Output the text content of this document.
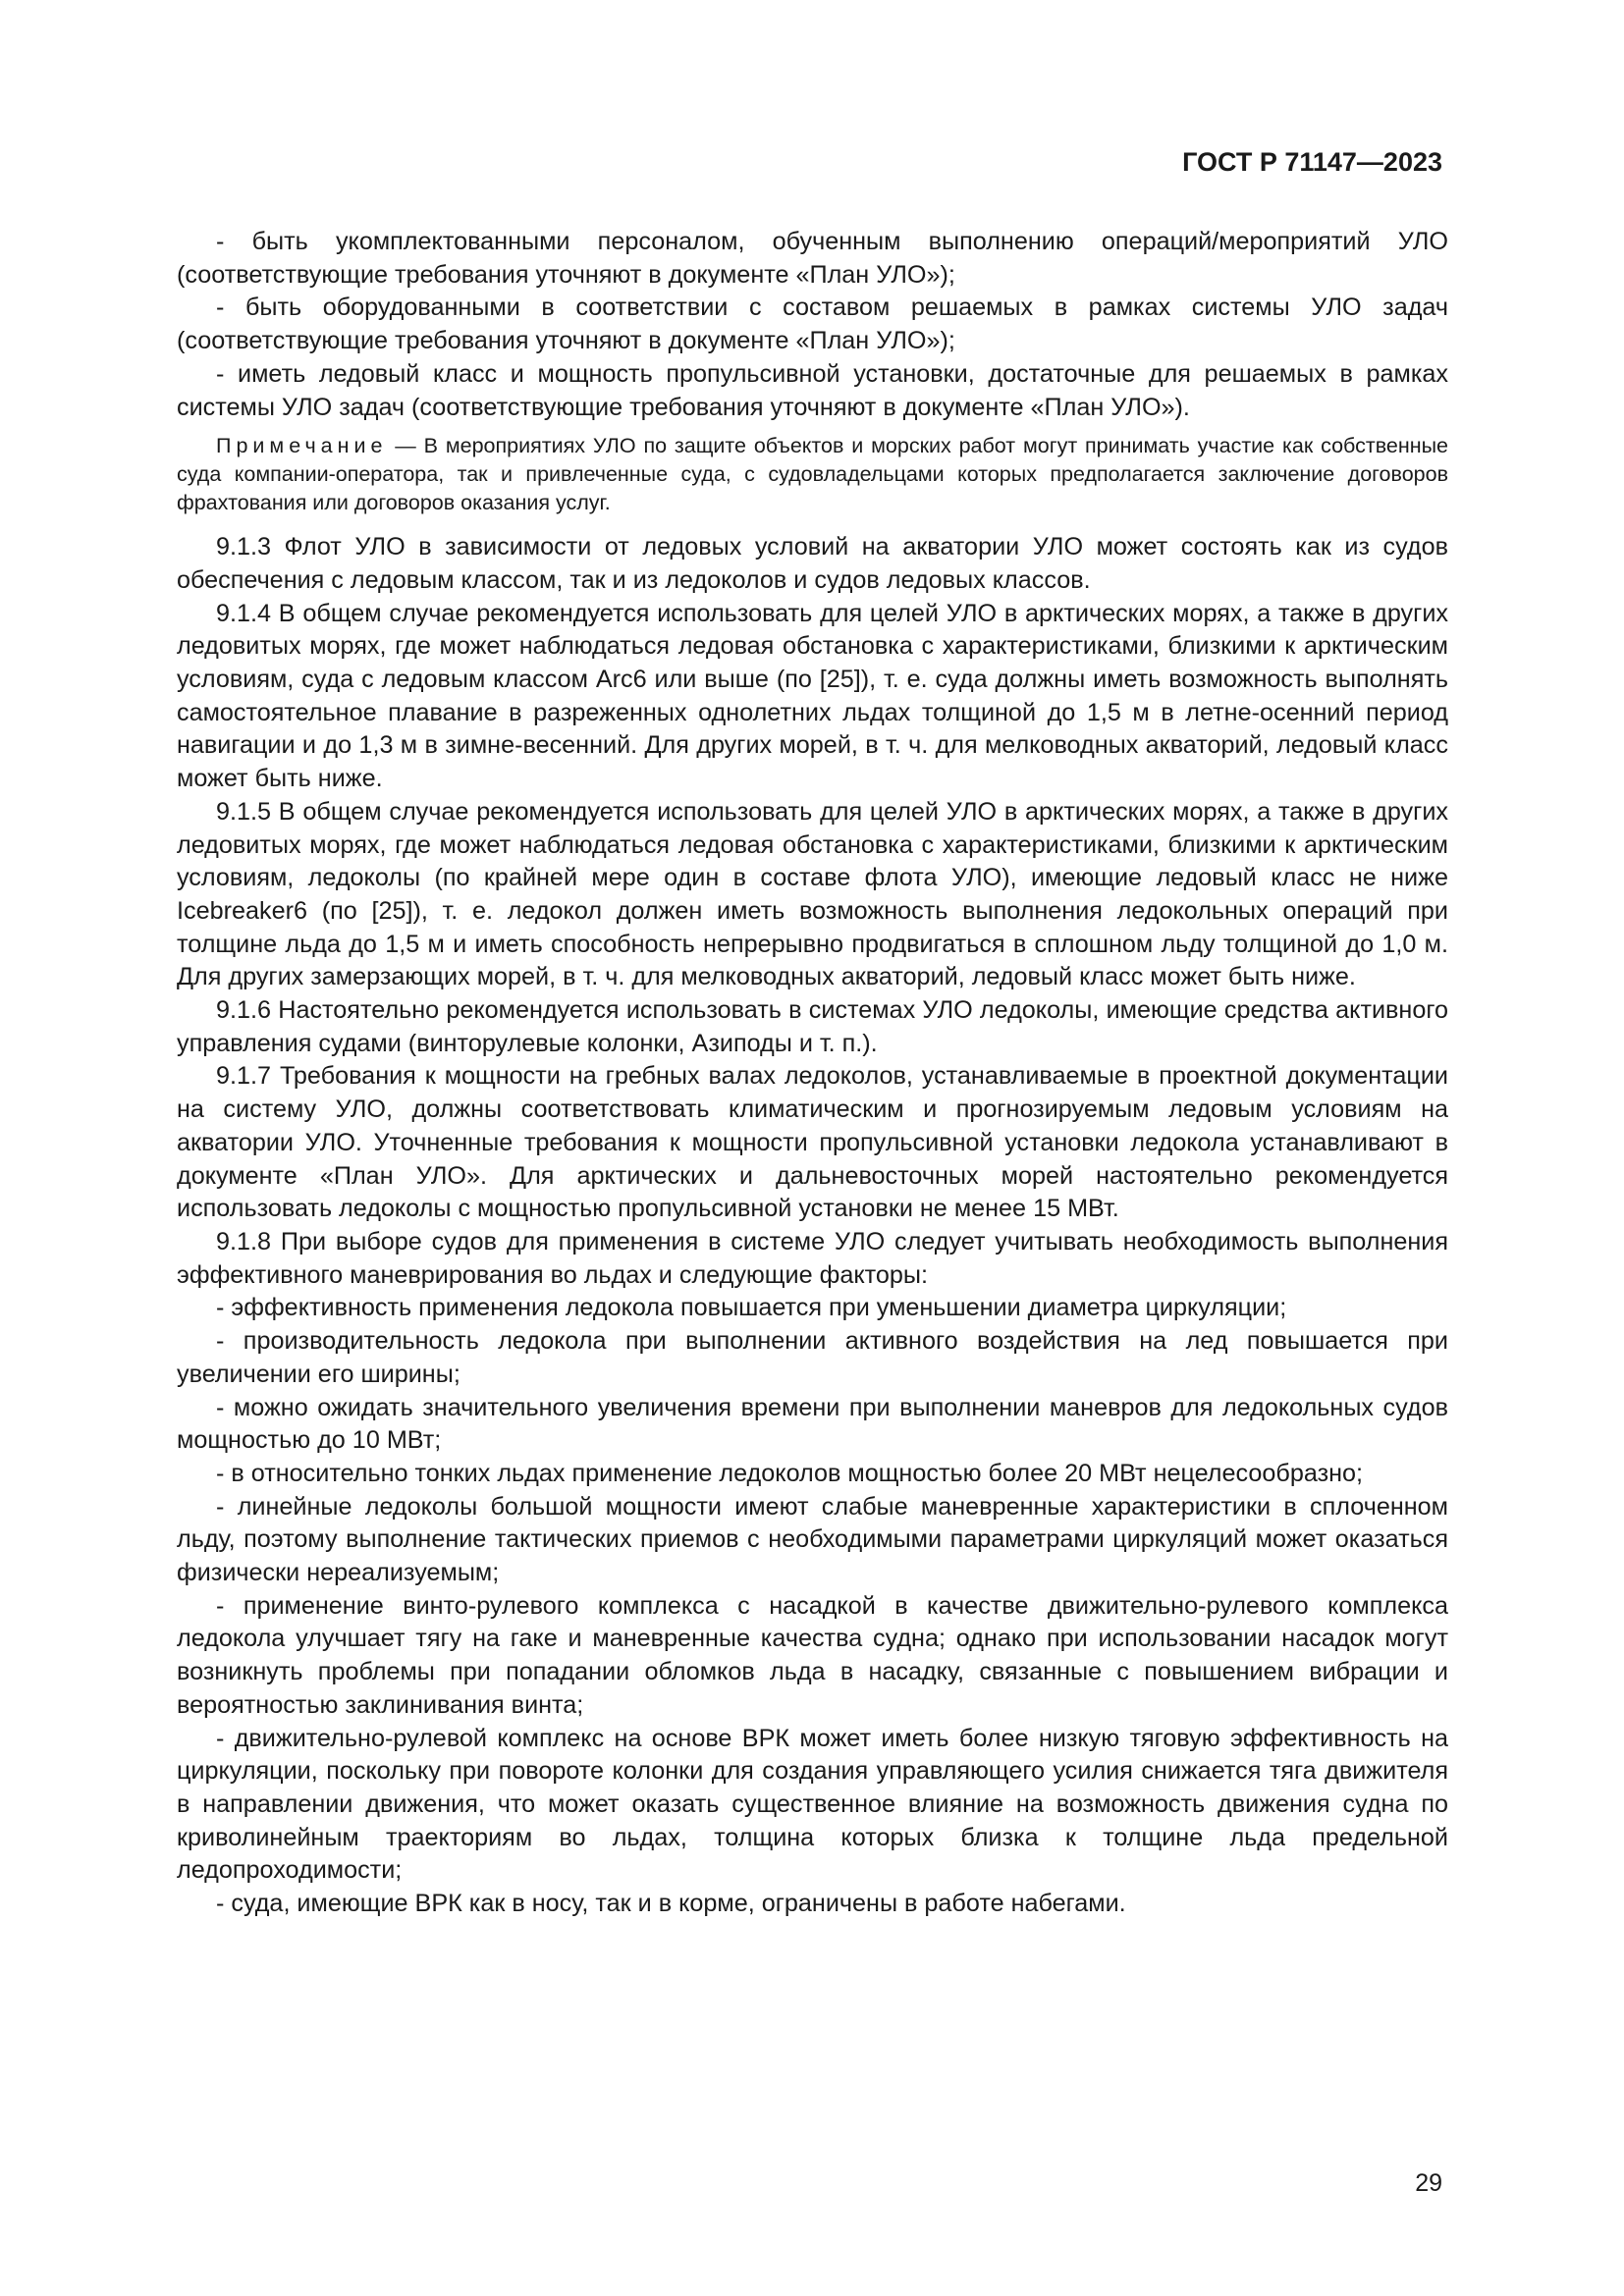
ГОСТ Р 71147—2023

- быть укомплектованными персоналом, обученным выполнению операций/мероприятий УЛО (соответствующие требования уточняют в документе «План УЛО»);

- быть оборудованными в соответствии с составом решаемых в рамках системы УЛО задач (соответствующие требования уточняют в документе «План УЛО»);

- иметь ледовый класс и мощность пропульсивной установки, достаточные для решаемых в рамках системы УЛО задач (соответствующие требования уточняют в документе «План УЛО»).

Примечание — В мероприятиях УЛО по защите объектов и морских работ могут принимать участие как собственные суда компании-оператора, так и привлеченные суда, с судовладельцами которых предполагается заключение договоров фрахтования или договоров оказания услуг.

9.1.3 Флот УЛО в зависимости от ледовых условий на акватории УЛО может состоять как из судов обеспечения с ледовым классом, так и из ледоколов и судов ледовых классов.

9.1.4 В общем случае рекомендуется использовать для целей УЛО в арктических морях, а также в других ледовитых морях, где может наблюдаться ледовая обстановка с характеристиками, близкими к арктическим условиям, суда с ледовым классом Arc6 или выше (по [25]), т. е. суда должны иметь возможность выполнять самостоятельное плавание в разреженных однолетних льдах толщиной до 1,5 м в летне-осенний период навигации и до 1,3 м в зимне-весенний. Для других морей, в т. ч. для мелководных акваторий, ледовый класс может быть ниже.

9.1.5 В общем случае рекомендуется использовать для целей УЛО в арктических морях, а также в других ледовитых морях, где может наблюдаться ледовая обстановка с характеристиками, близкими к арктическим условиям, ледоколы (по крайней мере один в составе флота УЛО), имеющие ледовый класс не ниже Icebreaker6 (по [25]), т. е. ледокол должен иметь возможность выполнения ледокольных операций при толщине льда до 1,5 м и иметь способность непрерывно продвигаться в сплошном льду толщиной до 1,0 м. Для других замерзающих морей, в т. ч. для мелководных акваторий, ледовый класс может быть ниже.

9.1.6 Настоятельно рекомендуется использовать в системах УЛО ледоколы, имеющие средства активного управления судами (винторулевые колонки, Азиподы и т. п.).

9.1.7 Требования к мощности на гребных валах ледоколов, устанавливаемые в проектной документации на систему УЛО, должны соответствовать климатическим и прогнозируемым ледовым условиям на акватории УЛО. Уточненные требования к мощности пропульсивной установки ледокола устанавливают в документе «План УЛО». Для арктических и дальневосточных морей настоятельно рекомендуется использовать ледоколы с мощностью пропульсивной установки не менее 15 МВт.

9.1.8 При выборе судов для применения в системе УЛО следует учитывать необходимость выполнения эффективного маневрирования во льдах и следующие факторы:

- эффективность применения ледокола повышается при уменьшении диаметра циркуляции;

- производительность ледокола при выполнении активного воздействия на лед повышается при увеличении его ширины;

- можно ожидать значительного увеличения времени при выполнении маневров для ледокольных судов мощностью до 10 МВт;

- в относительно тонких льдах применение ледоколов мощностью более 20 МВт нецелесообразно;

- линейные ледоколы большой мощности имеют слабые маневренные характеристики в сплоченном льду, поэтому выполнение тактических приемов с необходимыми параметрами циркуляций может оказаться физически нереализуемым;

- применение винто-рулевого комплекса с насадкой в качестве движительно-рулевого комплекса ледокола улучшает тягу на гаке и маневренные качества судна; однако при использовании насадок могут возникнуть проблемы при попадании обломков льда в насадку, связанные с повышением вибрации и вероятностью заклинивания винта;

- движительно-рулевой комплекс на основе ВРК может иметь более низкую тяговую эффективность на циркуляции, поскольку при повороте колонки для создания управляющего усилия снижается тяга движителя в направлении движения, что может оказать существенное влияние на возможность движения судна по криволинейным траекториям во льдах, толщина которых близка к толщине льда предельной ледопроходимости;

- суда, имеющие ВРК как в носу, так и в корме, ограничены в работе набегами.

29
